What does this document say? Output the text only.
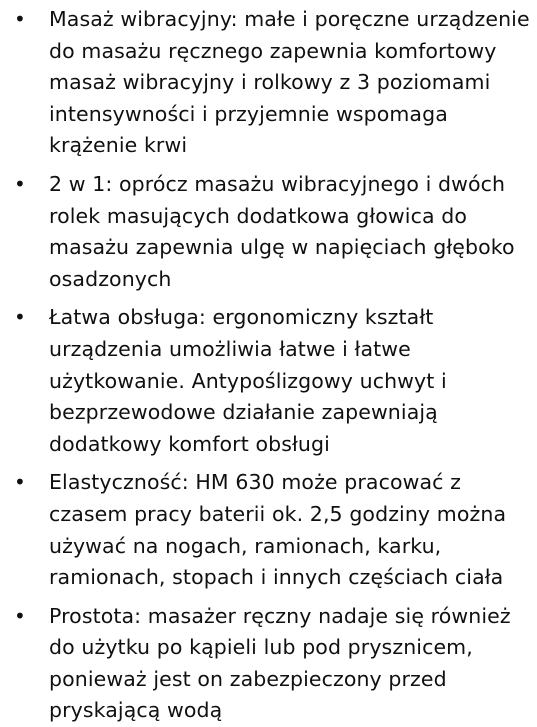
• Masaż wibracyjny: małe i poręczne urządzenie
do masażu ręcznego zapewnia komfortowy
masaż wibracyjny i rolkowy z 3 poziomami
intensywności i przyjemnie wspomaga
krążenie krwi
• 2 w 1: oprócz masażu wibracyjnego i dwóch
rolek masujących dodatkowa głowica do
masażu zapewnia ulgę w napięciach głęboko
osadzonych
• Łatwa obsługa: ergonomiczny kształt
urządzenia umożliwia łatwe i łatwe
użytkowanie. Antypoślizgowy uchwyt i
bezprzewodowe działanie zapewniają
dodatkowy komfort obsługi
• Elastyczność: HM 630 może pracować z
czasem pracy baterii ok. 2,5 godziny można
używać na nogach, ramionach, karku,
ramionach, stopach i innych częściach ciała
• Prostota: masażer ręczny nadaje się również
do użytku po kąpieli lub pod prysznicem,
ponieważ jest on zabezpieczony przed
pryskającą wodą
